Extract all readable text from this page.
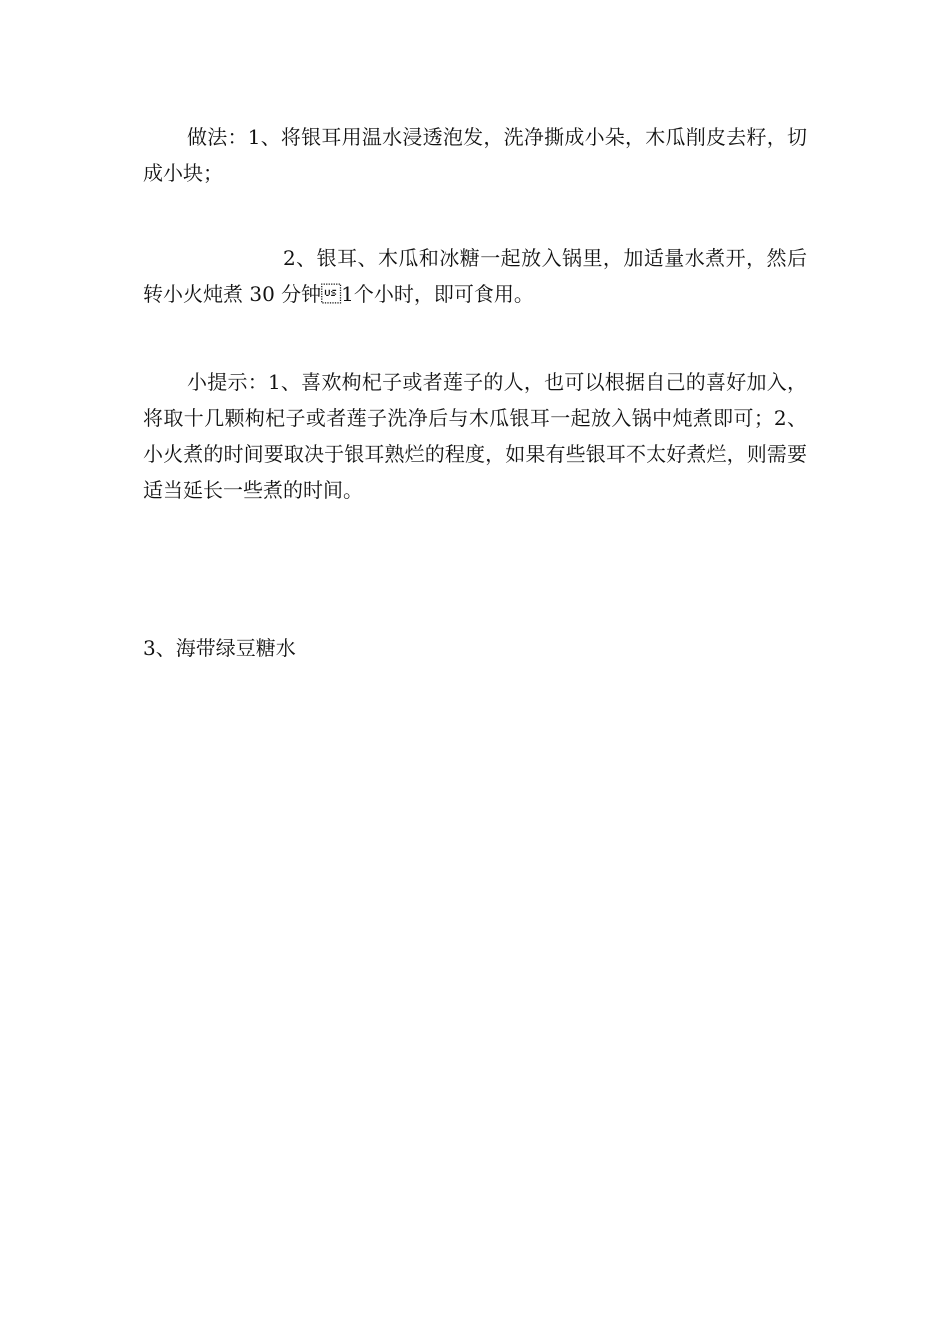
做法：1、将银耳用温水浸透泡发，洗净撕成小朵，木瓜削皮去籽，切成小块；

2、银耳、木瓜和冰糖一起放入锅里，加适量水煮开，然后转小火炖煮 30 分钟1个小时，即可食用。

小提示：1、喜欢枸杞子或者莲子的人，也可以根据自己的喜好加入，将取十几颗枸杞子或者莲子洗净后与木瓜银耳一起放入锅中炖煮即可；2、小火煮的时间要取决于银耳熟烂的程度，如果有些银耳不太好煮烂，则需要适当延长一些煮的时间。

3、海带绿豆糖水
